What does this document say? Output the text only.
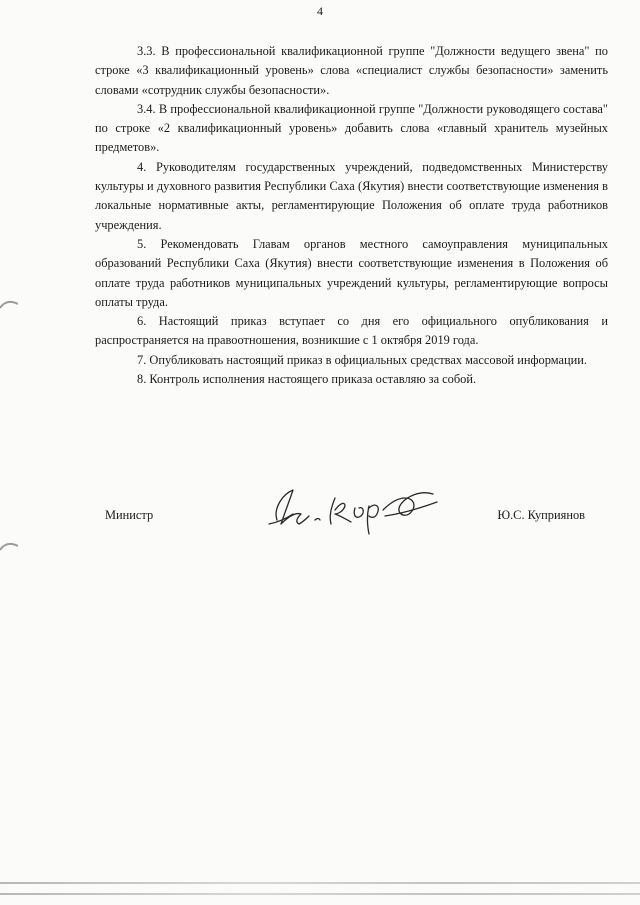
4

3.3. В профессиональной квалификационной группе "Должности ведущего звена" по строке «3 квалификационный уровень» слова «специалист службы безопасности» заменить словами «сотрудник службы безопасности».

3.4. В профессиональной квалификационной группе "Должности руководящего состава" по строке «2 квалификационный уровень» добавить слова «главный хранитель музейных предметов».

4. Руководителям государственных учреждений, подведомственных Министерству культуры и духовного развития Республики Саха (Якутия) внести соответствующие изменения в локальные нормативные акты, регламентирующие Положения об оплате труда работников учреждения.

5. Рекомендовать Главам органов местного самоуправления муниципальных образований Республики Саха (Якутия) внести соответствующие изменения в Положения об оплате труда работников муниципальных учреждений культуры, регламентирующие вопросы оплаты труда.

6. Настоящий приказ вступает со дня его официального опубликования и распространяется на правоотношения, возникшие с 1 октября 2019 года.

7. Опубликовать настоящий приказ в официальных средствах массовой информации.

8. Контроль исполнения настоящего приказа оставляю за собой.

Министр	Ю.С. Куприянов
